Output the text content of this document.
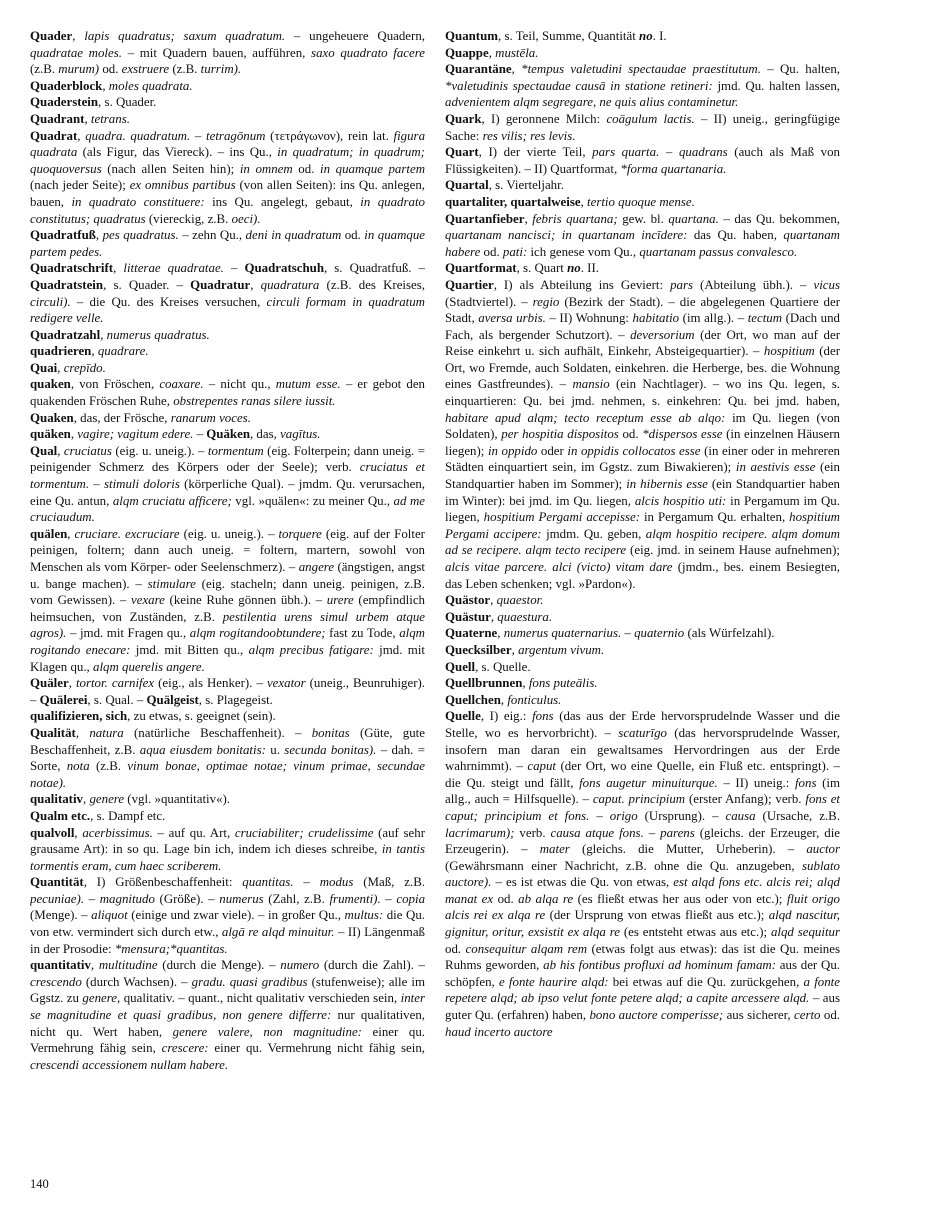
Quader, lapis quadratus; saxum quadratum. – ungeheuere Quadern, quadratae moles. – mit Quadern bauen, aufführen, saxo quadrato facere (z.B. murum) od. exstruere (z.B. turrim).

Quaderblock, moles quadrata.

Quaderstein, s. Quader.

Quadrant, tetrans.

Quadrat, quadra. quadratum. – tetragōnum (τετράγωνον), rein lat. figura quadrata (als Figur, das Viereck). – ins Qu., in quadratum; in quadrum; quoquoversus (nach allen Seiten hin); in omnem od. in quamque partem (nach jeder Seite); ex omnibus partibus (von allen Seiten): ins Qu. anlegen, bauen, in quadrato constituere: ins Qu. angelegt, gebaut, in quadrato constitutus; quadratus (viereckig, z.B. oeci).

Quadratfuß, pes quadratus. – zehn Qu., deni in quadratum od. in quamque partem pedes.

Quadratschrift, litterae quadratae. – Quadratschuh, s. Quadratfuß. – Quadratstein, s. Quader. – Quadratur, quadratura (z.B. des Kreises, circuli). – die Qu. des Kreises versuchen, circuli formam in quadratum redigere velle.

Quadratzahl, numerus quadratus.

quadrieren, quadrare.

Quai, crepīdo.

quaken, von Fröschen, coaxare. – nicht qu., mutum esse. – er gebot den quakenden Fröschen Ruhe, obstrepentes ranas silere iussit.

Quaken, das, der Frösche, ranarum voces.

quäken, vagire; vagitum edere. – Quäken, das, vagītus.

Qual, cruciatus (eig. u. uneig.). – tormentum (eig. Folterpein; dann uneig. = peinigender Schmerz des Körpers oder der Seele); verb. cruciatus et tormentum. – stimuli doloris (körperliche Qual). – jmdm. Qu. verursachen, eine Qu. antun, alqm cruciatu afficere; vgl. »quälen«: zu meiner Qu., ad me cruciaudum.

quälen, cruciare. excruciare (eig. u. uneig.). – torquere (eig. auf der Folter peinigen, foltern; dann auch uneig. = foltern, martern, sowohl von Menschen als vom Körper- oder Seelenschmerz). – angere (ängstigen, angst u. bange machen). – stimulare (eig. stacheln; dann uneig. peinigen, z.B. vom Gewissen). – vexare (keine Ruhe gönnen übh.). – urere (empfindlich heimsuchen, von Zuständen, z.B. pestilentia urens simul urbem atque agros). – jmd. mit Fragen qu., alqm rogitandoobtundere; fast zu Tode, alqm rogitando enecare: jmd. mit Bitten qu., alqm precibus fatigare: jmd. mit Klagen qu., alqm querelis angere.

Quäler, tortor. carnifex (eig., als Henker). – vexator (uneig., Beunruhiger). – Quälerei, s. Qual. – Quälgeist, s. Plagegeist.

qualifizieren, sich, zu etwas, s. geeignet (sein).

Qualität, natura (natürliche Beschaffenheit). – bonitas (Güte, gute Beschaffenheit, z.B. aqua eiusdem bonitatis: u. secunda bonitas). – dah. = Sorte, nota (z.B. vinum bonae, optimae notae; vinum primae, secundae notae).

qualitativ, genere (vgl. »quantitativ«).

Qualm etc., s. Dampf etc.

qualvoll, acerbissimus. – auf qu. Art, cruciabiliter; crudelissime (auf sehr grausame Art): in so qu. Lage bin ich, indem ich dieses schreibe, in tantis tormentis eram, cum haec scriberem.

Quantität, I) Größenbeschaffenheit: quantitas. – modus (Maß, z.B. pecuniae). – magnitudo (Größe). – numerus (Zahl, z.B. frumenti). – copia (Menge). – aliquot (einige und zwar viele). – in großer Qu., multus: die Qu. von etw. vermindert sich durch etw., algā re alqd minuitur. – II) Längenmaß in der Prosodie: *mensura;*quantitas.

quantitativ, multitudine (durch die Menge). – numero (durch die Zahl). – crescendo (durch Wachsen). – gradu. quasi gradibus (stufenweise); alle im Ggstz. zu genere, qualitativ. – quant., nicht qualitativ verschieden sein, inter se magnitudine et quasi gradibus, non genere differre: nur qualitativen, nicht qu. Wert haben, genere valere, non magnitudine: einer qu. Vermehrung fähig sein, crescere: einer qu. Vermehrung nicht fähig sein, crescendi accessionem nullam habere.

Quantum, s. Teil, Summe, Quantität no. I.

Quappe, mustēla.

Quarantäne, *tempus valetudini spectaudae praestitutum. – Qu. halten, *valetudinis spectaudae causā in statione retineri: jmd. Qu. halten lassen, advenientem alqm segregare, ne quis alius contaminetur.

Quark, I) geronnene Milch: coāgulum lactis. – II) uneig., geringfügige Sache: res vilis; res levis.

Quart, I) der vierte Teil, pars quarta. – quadrans (auch als Maß von Flüssigkeiten). – II) Quartformat, *forma quartanaria.

Quartal, s. Vierteljahr.

quartaliter, quartalweise, tertio quoque mense.

Quartanfieber, febris quartana; gew. bl. quartana. – das Qu. bekommen, quartanam nancisci; in quartanam incīdere: das Qu. haben, quartanam habere od. pati: ich genese vom Qu., quartanam passus convalesco.

Quartformat, s. Quart no. II.

Quartier, I) als Abteilung ins Geviert: pars (Abteilung übh.). – vicus (Stadtviertel). – regio (Bezirk der Stadt). – die abgelegenen Quartiere der Stadt, aversa urbis. – II) Wohnung: habitatio (im allg.). – tectum (Dach und Fach, als bergender Schutzort). – deversorium (der Ort, wo man auf der Reise einkehrt u. sich aufhält, Einkehr, Absteigequartier). – hospitium (der Ort, wo Fremde, auch Soldaten, einkehren. die Herberge, bes. die Wohnung eines Gastfreundes). – mansio (ein Nachtlager). – wo ins Qu. legen, s. einquartieren: Qu. bei jmd. nehmen, s. einkehren: Qu. bei jmd. haben, habitare apud alqm; tecto receptum esse ab alqo: im Qu. liegen (von Soldaten), per hospitia dispositos od. *dispersos esse (in einzelnen Häusern liegen); in oppido oder in oppidis collocatos esse (in einer oder in mehreren Städten einquartiert sein, im Ggstz. zum Biwakieren); in aestivis esse (ein Standquartier haben im Sommer); in hibernis esse (ein Standquartier haben im Winter): bei jmd. im Qu. liegen, alcis hospitio uti: in Pergamum im Qu. liegen, hospitium Pergami accepisse: in Pergamum Qu. erhalten, hospitium Pergami accipere: jmdm. Qu. geben, alqm hospitio recipere. alqm domum ad se recipere. alqm tecto recipere (eig. jmd. in seinem Hause aufnehmen); alcis vitae parcere. alci (victo) vitam dare (jmdm., bes. einem Besiegten, das Leben schenken; vgl. »Pardon«).

Quästor, quaestor.

Quästur, quaestura.

Quaterne, numerus quaternarius. – quaternio (als Würfelzahl).

Quecksilber, argentum vivum.

Quell, s. Quelle.

Quellbrunnen, fons puteālis.

Quellchen, fonticulus.

Quelle, I) eig.: fons (das aus der Erde hervorsprudelnde Wasser und die Stelle, wo es hervorbricht). – scaturīgo (das hervorsprudelnde Wasser, insofern man daran ein gewaltsames Hervordringen aus der Erde wahrnimmt). – caput (der Ort, wo eine Quelle, ein Fluß etc. entspringt). – die Qu. steigt und fällt, fons augetur minuiturque. – II) uneig.: fons (im allg., auch = Hilfsquelle). – caput. principium (erster Anfang); verb. fons et caput; principium et fons. – origo (Ursprung). – causa (Ursache, z.B. lacrimarum); verb. causa atque fons. – parens (gleichs. der Erzeuger, die Erzeugerin). – mater (gleichs. die Mutter, Urheberin). – auctor (Gewährsmann einer Nachricht, z.B. ohne die Qu. anzugeben, sublato auctore). – es ist etwas die Qu. von etwas, est alqd fons etc. alcis rei; alqd manat ex od. ab alqa re (es fließt etwas her aus oder von etc.); fluit origo alcis rei ex alqa re (der Ursprung von etwas fließt aus etc.); alqd nascitur, gignitur, oritur, exsistit ex alqa re (es entsteht etwas aus etc.); alqd sequitur od. consequitur alqam rem (etwas folgt aus etwas): das ist die Qu. meines Ruhms geworden, ab his fontibus profluxi ad hominum famam: aus der Qu. schöpfen, e fonte haurire alqd: bei etwas auf die Qu. zurückgehen, a fonte repetere alqd; ab ipso velut fonte petere alqd; a capite arcessere alqd. – aus guter Qu. (erfahren) haben, bono auctore comperisse; aus sicherer, certo od. haud incerto auctore

140
